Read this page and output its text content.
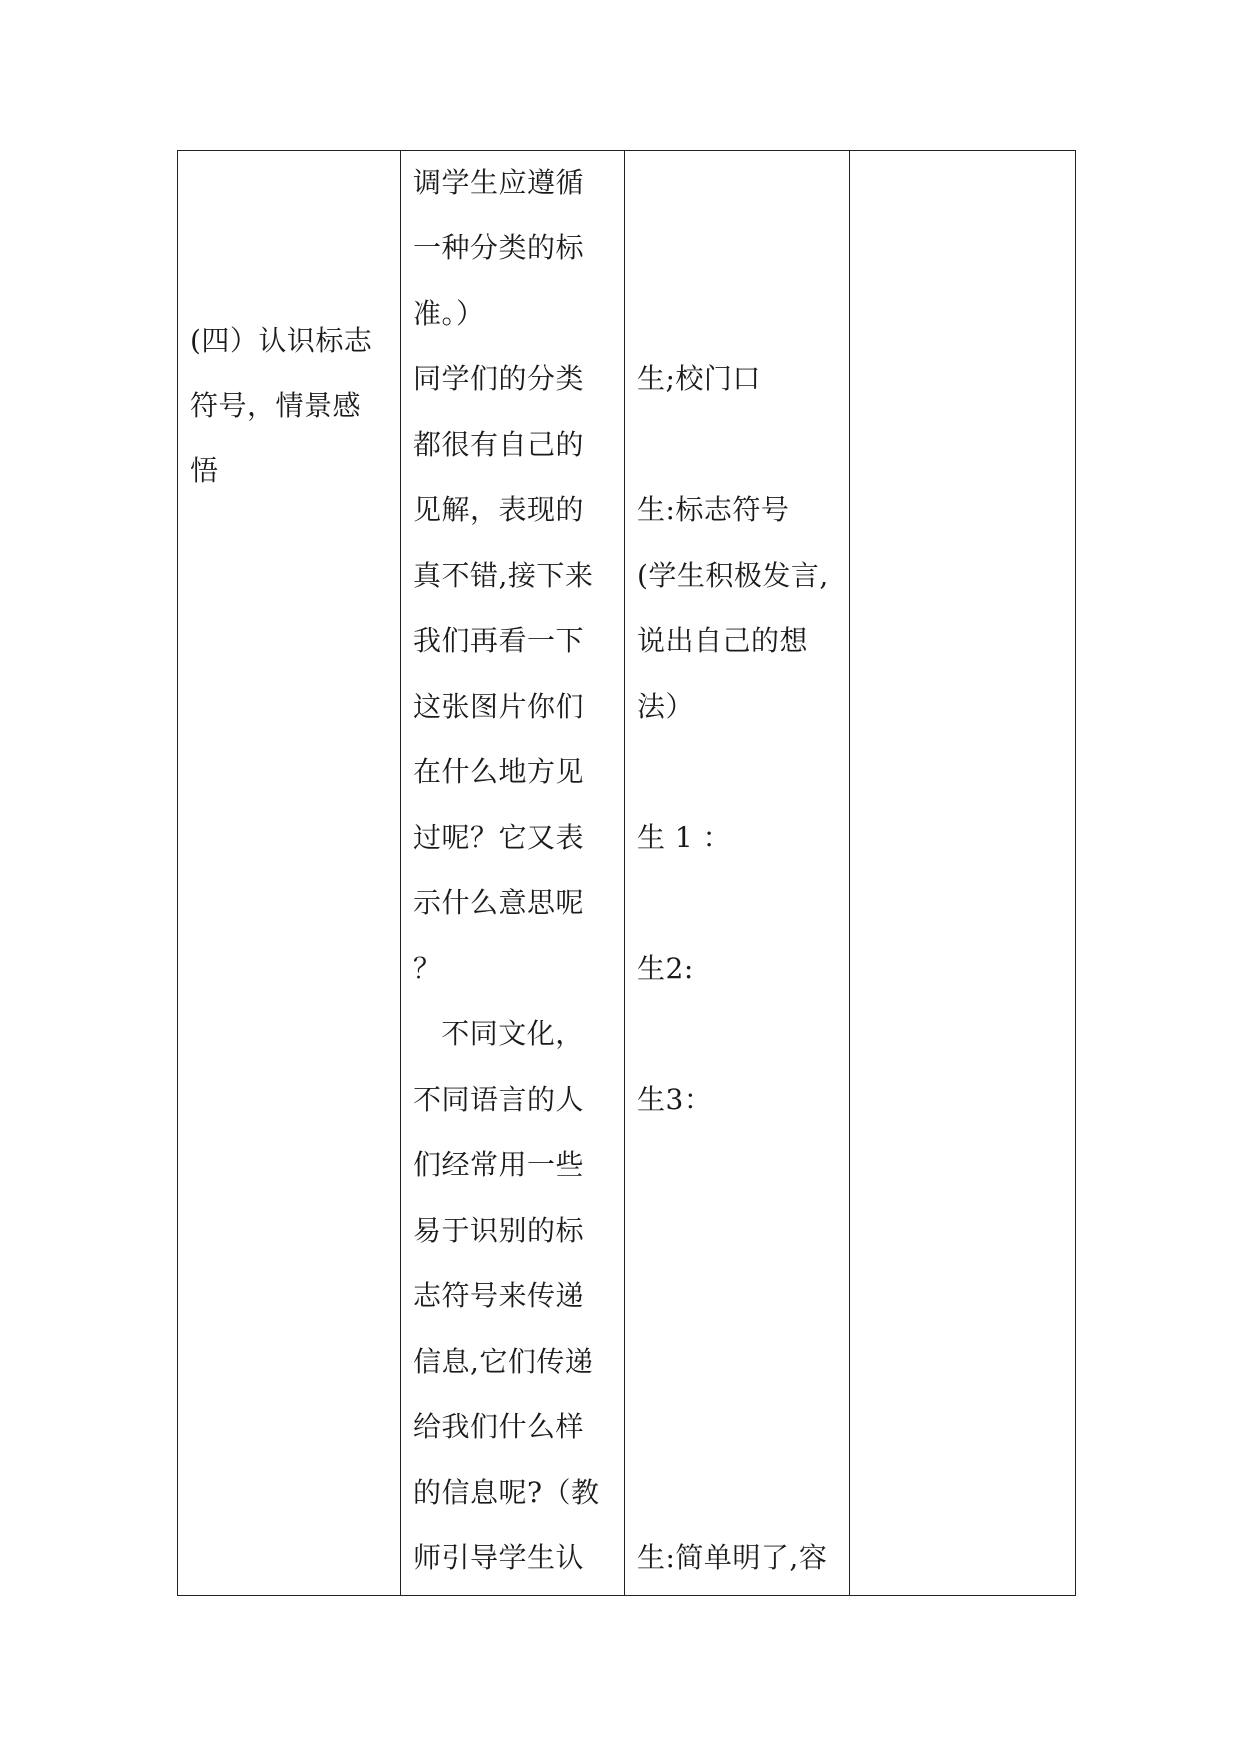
(四）认识标志
符号，情景感
悟

调学生应遵循
一种分类的标
准。）
同学们的分类
都很有自己的
见解，表现的
真不错,接下来
我们再看一下
这张图片你们
在什么地方见
过呢？它又表
示什么意思呢
？
不同文化，
不同语言的人
们经常用一些
易于识别的标
志符号来传递
信息,它们传递
给我们什么样
的信息呢?（教
师引导学生认

生;校门口
生:标志符号
(学生积极发言,
说出自己的想
法）
生 1 ：
生2:
生3：
生:简单明了,容
